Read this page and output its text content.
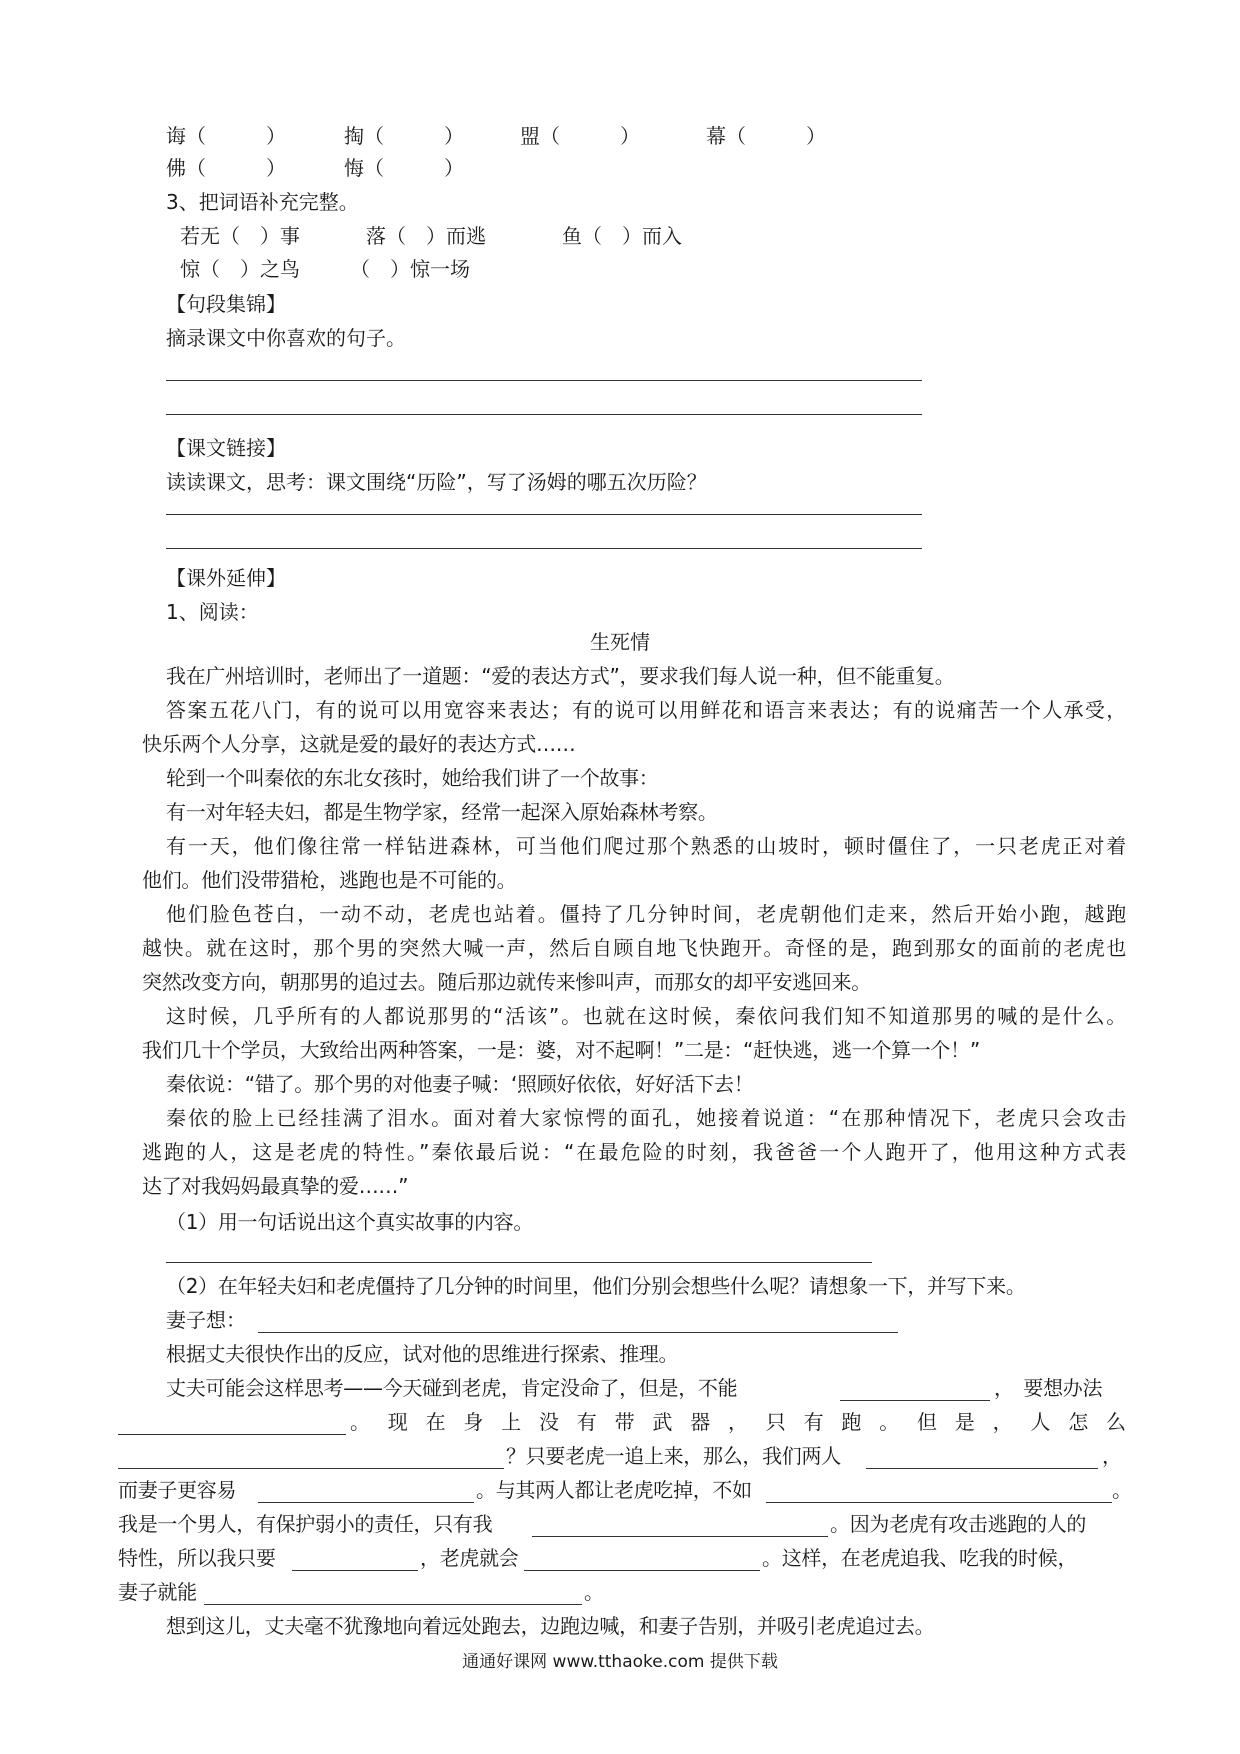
诲（　　　）	掏（　　　）	盟（　　　）	幕（　　　）
佛（　　　）	悔（　　　）
3、把词语补充完整。
若无（　）事	落（　）而逃	鱼（　）而入
惊（　）之鸟	（　）惊一场
【句段集锦】
摘录课文中你喜欢的句子。
【课文链接】
读读课文，思考：课文围绕“历险”，写了汤姆的哪五次历险？
【课外延伸】
1、阅读：
生死情
我在广州培训时，老师出了一道题：“爱的表达方式”，要求我们每人说一种，但不能重复。
答案五花八门，有的说可以用宽容来表达；有的说可以用鲜花和语言来表达；有的说痛苦一个人承受，
快乐两个人分享，这就是爱的最好的表达方式……
轮到一个叫秦依的东北女孩时，她给我们讲了一个故事：
有一对年轻夫妇，都是生物学家，经常一起深入原始森林考察。
有一天，他们像往常一样钻进森林，可当他们爬过那个熟悉的山坡时，顿时僵住了，一只老虎正对着
他们。他们没带猎枪，逃跑也是不可能的。
他们脸色苍白，一动不动，老虎也站着。僵持了几分钟时间，老虎朝他们走来，然后开始小跑，越跑
越快。就在这时，那个男的突然大喊一声，然后自顾自地飞快跑开。奇怪的是，跑到那女的面前的老虎也
突然改变方向，朝那男的追过去。随后那边就传来惨叫声，而那女的却平安逃回来。
这时候，几乎所有的人都说那男的“活该”。也就在这时候，秦依问我们知不知道那男的喊的是什么。
我们几十个学员，大致给出两种答案，一是：婆，对不起啊！”二是：“赶快逃，逃一个算一个！”
秦依说：“错了。那个男的对他妻子喊：‘照顾好依依，好好活下去！
秦依的脸上已经挂满了泪水。面对着大家惊愕的面孔，她接着说道：“在那种情况下，老虎只会攻击
逃跑的人，这是老虎的特性。”秦依最后说：“在最危险的时刻，我爸爸一个人跑开了，他用这种方式表
达了对我妈妈最真挚的爱……”
（1）用一句话说出这个真实故事的内容。
（2）在年轻夫妇和老虎僵持了几分钟的时间里，他们分别会想些什么呢？请想象一下，并写下来。
妻子想：
根据丈夫很快作出的反应，试对他的思维进行探索、推理。
丈夫可能会这样思考——今天碰到老虎，肯定没命了，但是，不能	，　要想办法
。现在身上没有带武器，只有跑。但是，人怎么
？只要老虎一追上来，那么，我们两人	，
而妻子更容易	。与其两人都让老虎吃掉，不如	。
我是一个男人，有保护弱小的责任，只有我	。因为老虎有攻击逃跑的人的
特性，所以我只要	，老虎就会	。这样，在老虎追我、吃我的时候，
妻子就能	。
想到这儿，丈夫毫不犹豫地向着远处跑去，边跑边喊，和妻子告别，并吸引老虎追过去。
通通好课网 www.tthaoke.com 提供下载
